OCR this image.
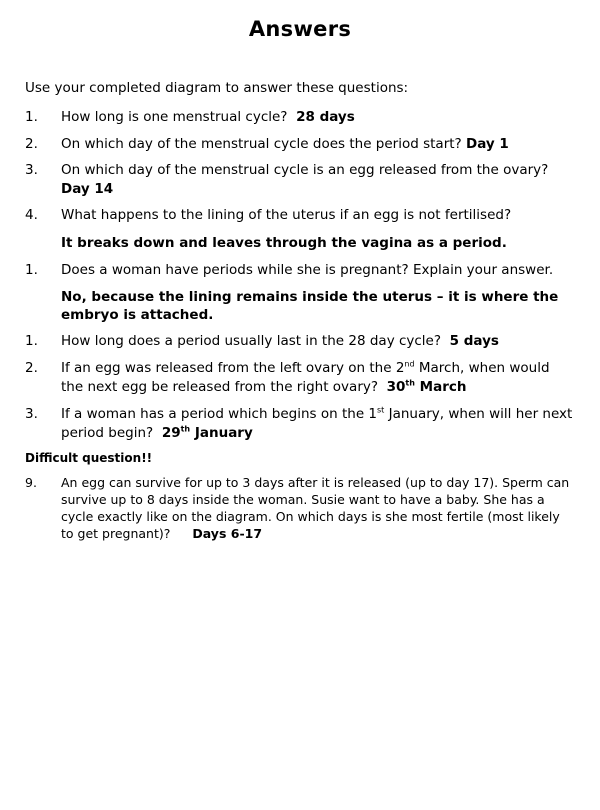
Answers
Use your completed diagram to answer these questions:
1. How long is one menstrual cycle? 28 days
2. On which day of the menstrual cycle does the period start? Day 1
3. On which day of the menstrual cycle is an egg released from the ovary?
Day 14
4. What happens to the lining of the uterus if an egg is not fertilised?
It breaks down and leaves through the vagina as a period.
1. Does a woman have periods while she is pregnant? Explain your answer.
No, because the lining remains inside the uterus – it is where the embryo is attached.
1. How long does a period usually last in the 28 day cycle? 5 days
2. If an egg was released from the left ovary on the 2nd March, when would the next egg be released from the right ovary? 30th March
3. If a woman has a period which begins on the 1st January, when will her next period begin? 29th January
Difficult question!!
9. An egg can survive for up to 3 days after it is released (up to day 17). Sperm can survive up to 8 days inside the woman. Susie want to have a baby. She has a cycle exactly like on the diagram. On which days is she most fertile (most likely to get pregnant)? Days 6-17
